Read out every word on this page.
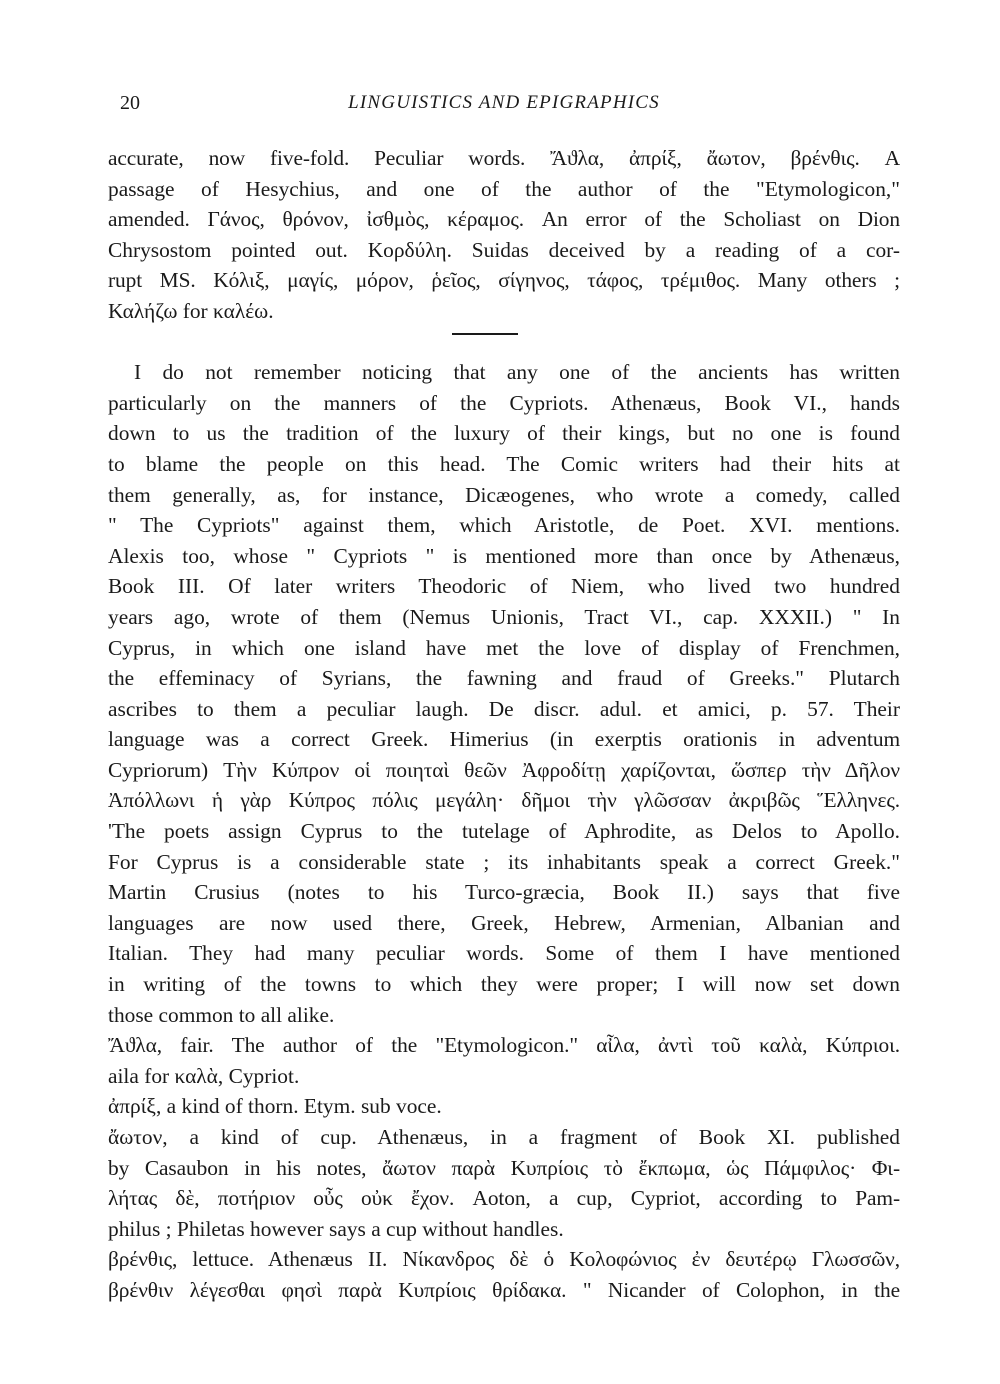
20	LINGUISTICS AND EPIGRAPHICS
accurate, now five-fold. Peculiar words. Ἄϑλα, ἀπρίξ, ἄωτον, βρένθις. A
passage of Hesychius, and one of the author of the "Etymologicon,"
amended. Γάνος, θρόνον, ἰσθμὸς, κέραμος. An error of the Scholiast on Dion
Chrysostom pointed out. Κορδύλη. Suidas deceived by a reading of a cor-
rupt MS. Κόλιξ, μαγίς, μόρον, ῥεῖος, σίγηνος, τάφος, τρέμιθος. Many others ;
Καλήζω for καλέω.
I do not remember noticing that any one of the ancients has written
particularly on the manners of the Cypriots. Athenæus, Book VI., hands
down to us the tradition of the luxury of their kings, but no one is found
to blame the people on this head. The Comic writers had their hits at
them generally, as, for instance, Dicæogenes, who wrote a comedy, called
" The Cypriots" against them, which Aristotle, de Poet. XVI. mentions.
Alexis too, whose " Cypriots " is mentioned more than once by Athenæus,
Book III. Of later writers Theodoric of Niem, who lived two hundred
years ago, wrote of them (Nemus Unionis, Tract VI., cap. XXXII.) " In
Cyprus, in which one island have met the love of display of Frenchmen,
the effeminacy of Syrians, the fawning and fraud of Greeks." Plutarch
ascribes to them a peculiar laugh. De discr. adul. et amici, p. 57. Their
language was a correct Greek. Himerius (in exerptis orationis in adventum
Cypriorum) Τὴν Κύπρον οἱ ποιηταὶ θεῶν Ἀφροδίτῃ χαρίζονται, ὥσπερ τὴν Δῆλον
Ἀπόλλωνι ἡ γὰρ Κύπρος πόλις μεγάλη· δῆμοι τὴν γλῶσσαν ἀκριβῶς Ἕλληνες.
'The poets assign Cyprus to the tutelage of Aphrodite, as Delos to Apollo.
For Cyprus is a considerable state ; its inhabitants speak a correct Greek."
Martin Crusius (notes to his Turco-græcia, Book II.) says that five
languages are now used there, Greek, Hebrew, Armenian, Albanian and
Italian. They had many peculiar words. Some of them I have mentioned
in writing of the towns to which they were proper; I will now set down
those common to all alike.
Ἄϑλα, fair. The author of the "Etymologicon." αἶλα, ἀντὶ τοῦ καλὰ, Κύπριοι.
aila for καλὰ, Cypriot.
ἀπρίξ, a kind of thorn. Etym. sub voce.
ἄωτον, a kind of cup. Athenæus, in a fragment of Book XI. published
by Casaubon in his notes, ἄωτον παρὰ Κυπρίοις τὸ ἔκπωμα, ὡς Πάμφιλος· Φι-
λήτας δὲ, ποτήριον οὖς οὐκ ἔχον. Aoton, a cup, Cypriot, according to Pam-
philus ; Philetas however says a cup without handles.
βρένθις, lettuce. Athenæus II. Νίκανδρος δὲ ὁ Κολοφώνιος ἐν δευτέρῳ Γλωσσῶν,
βρένθιν λέγεσθαι φησὶ παρὰ Κυπρίοις θρίδακα. " Nicander of Colophon, in the
